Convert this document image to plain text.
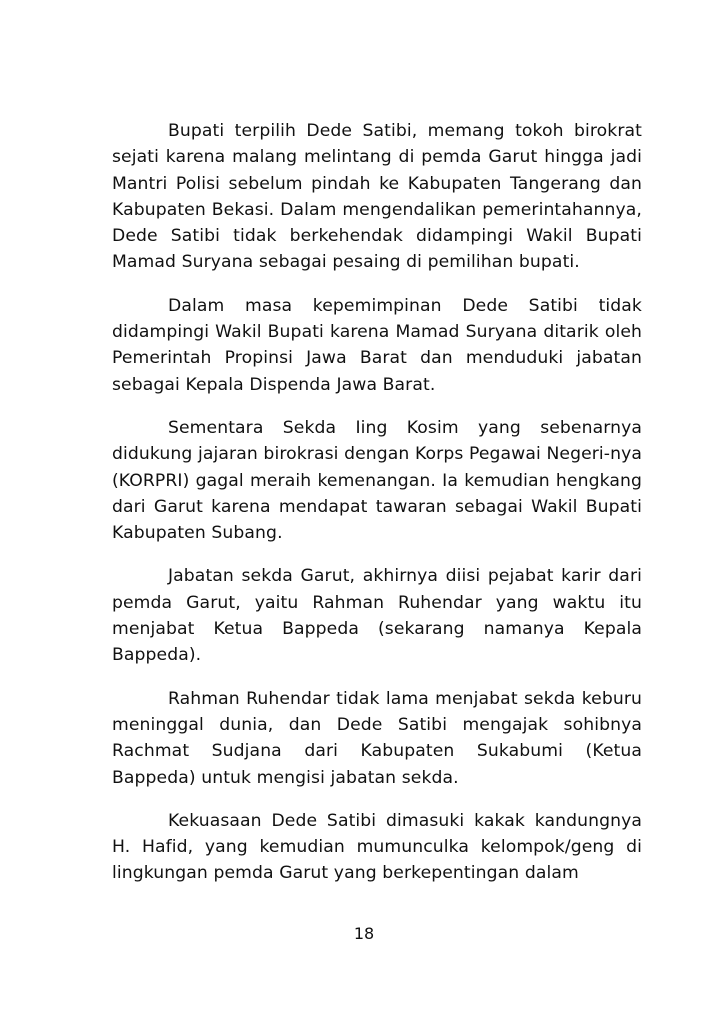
Bupati terpilih Dede Satibi, memang tokoh birokrat sejati karena malang melintang di pemda Garut hingga jadi Mantri Polisi sebelum pindah ke Kabupaten Tangerang dan Kabupaten Bekasi. Dalam mengendalikan pemerintahannya, Dede Satibi tidak berkehendak didampingi Wakil Bupati Mamad Suryana sebagai pesaing di pemilihan bupati.

Dalam masa kepemimpinan Dede Satibi tidak didampingi Wakil Bupati karena Mamad Suryana ditarik oleh Pemerintah Propinsi Jawa Barat dan menduduki jabatan sebagai Kepala Dispenda Jawa Barat.

Sementara Sekda Iing Kosim yang sebenarnya didukung jajaran birokrasi dengan Korps Pegawai Negeri-nya (KORPRI) gagal meraih kemenangan. Ia kemudian hengkang dari Garut karena mendapat tawaran sebagai Wakil Bupati Kabupaten Subang.

Jabatan sekda Garut, akhirnya diisi pejabat karir dari pemda Garut, yaitu Rahman Ruhendar yang waktu itu menjabat Ketua Bappeda (sekarang namanya Kepala Bappeda).

Rahman Ruhendar tidak lama menjabat sekda keburu meninggal dunia, dan Dede Satibi mengajak sohibnya Rachmat Sudjana dari Kabupaten Sukabumi (Ketua Bappeda) untuk mengisi jabatan sekda.

Kekuasaan Dede Satibi dimasuki kakak kandungnya H. Hafid, yang kemudian mumunculka kelompok/geng di lingkungan pemda Garut yang berkepentingan dalam

18
